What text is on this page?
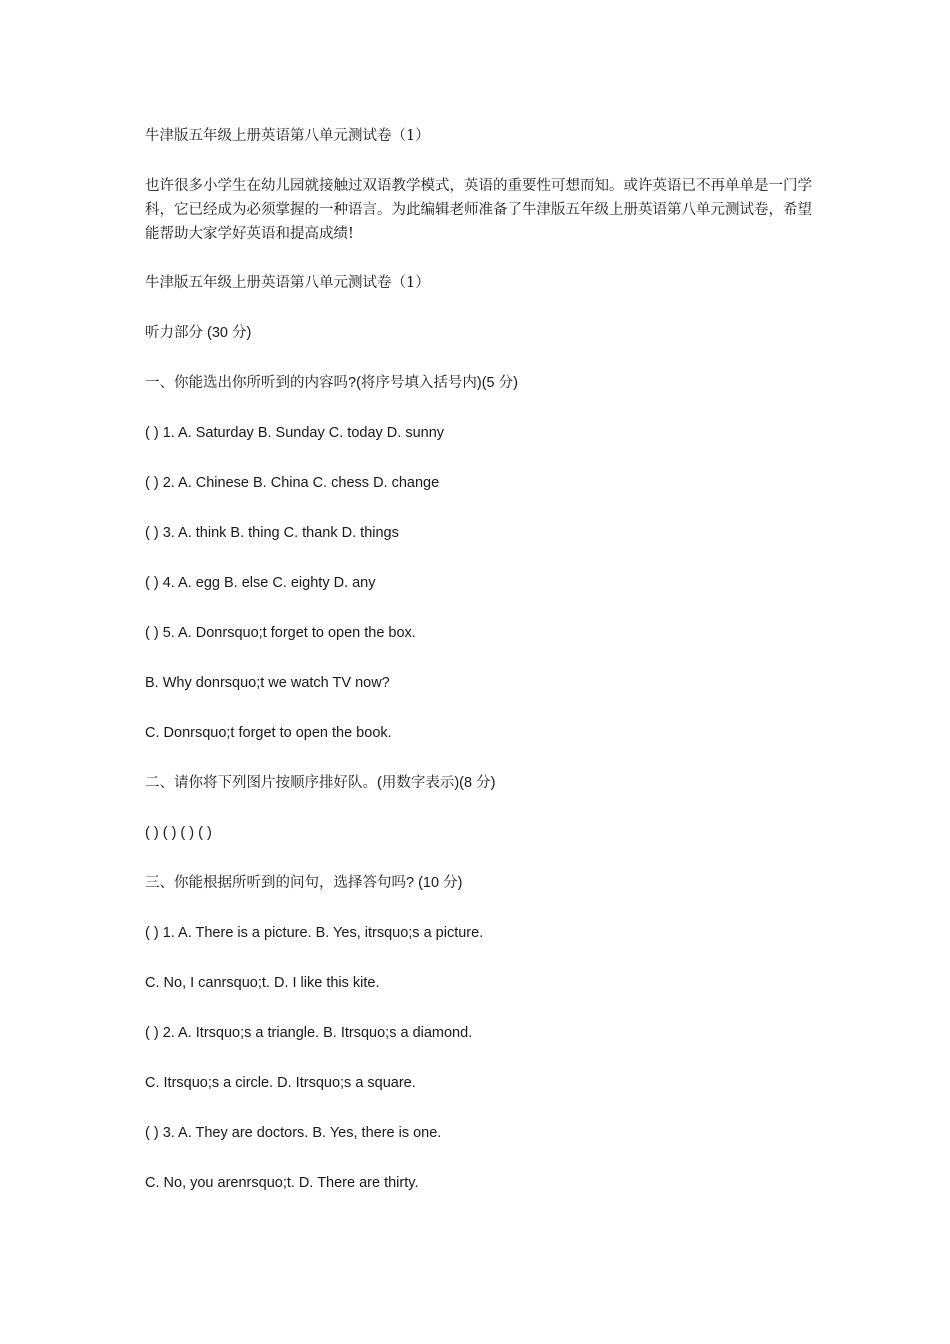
牛津版五年级上册英语第八单元测试卷（1）

也许很多小学生在幼儿园就接触过双语教学模式，英语的重要性可想而知。或许英语已不再单单是一门学科，它已经成为必须掌握的一种语言。为此编辑老师准备了牛津版五年级上册英语第八单元测试卷，希望能帮助大家学好英语和提高成绩!

牛津版五年级上册英语第八单元测试卷（1）

听力部分 (30 分)

一、你能选出你所听到的内容吗?(将序号填入括号内)(5 分)

( ) 1. A. Saturday B. Sunday C. today D. sunny

( ) 2. A. Chinese B. China C. chess D. change

( ) 3. A. think B. thing C. thank D. things

( ) 4. A. egg B. else C. eighty D. any

( ) 5. A. Donrsquo;t forget to open the box.

B. Why donrsquo;t we watch TV now?

C. Donrsquo;t forget to open the book.

二、请你将下列图片按顺序排好队。(用数字表示)(8 分)

( ) ( ) ( ) ( )

三、你能根据所听到的问句，选择答句吗? (10 分)

( ) 1. A. There is a picture. B. Yes, itrsquo;s a picture.

C. No, I canrsquo;t. D. I like this kite.

( ) 2. A. Itrsquo;s a triangle. B. Itrsquo;s a diamond.

C. Itrsquo;s a circle. D. Itrsquo;s a square.

( ) 3. A. They are doctors. B. Yes, there is one.

C. No, you arenrsquo;t. D. There are thirty.
